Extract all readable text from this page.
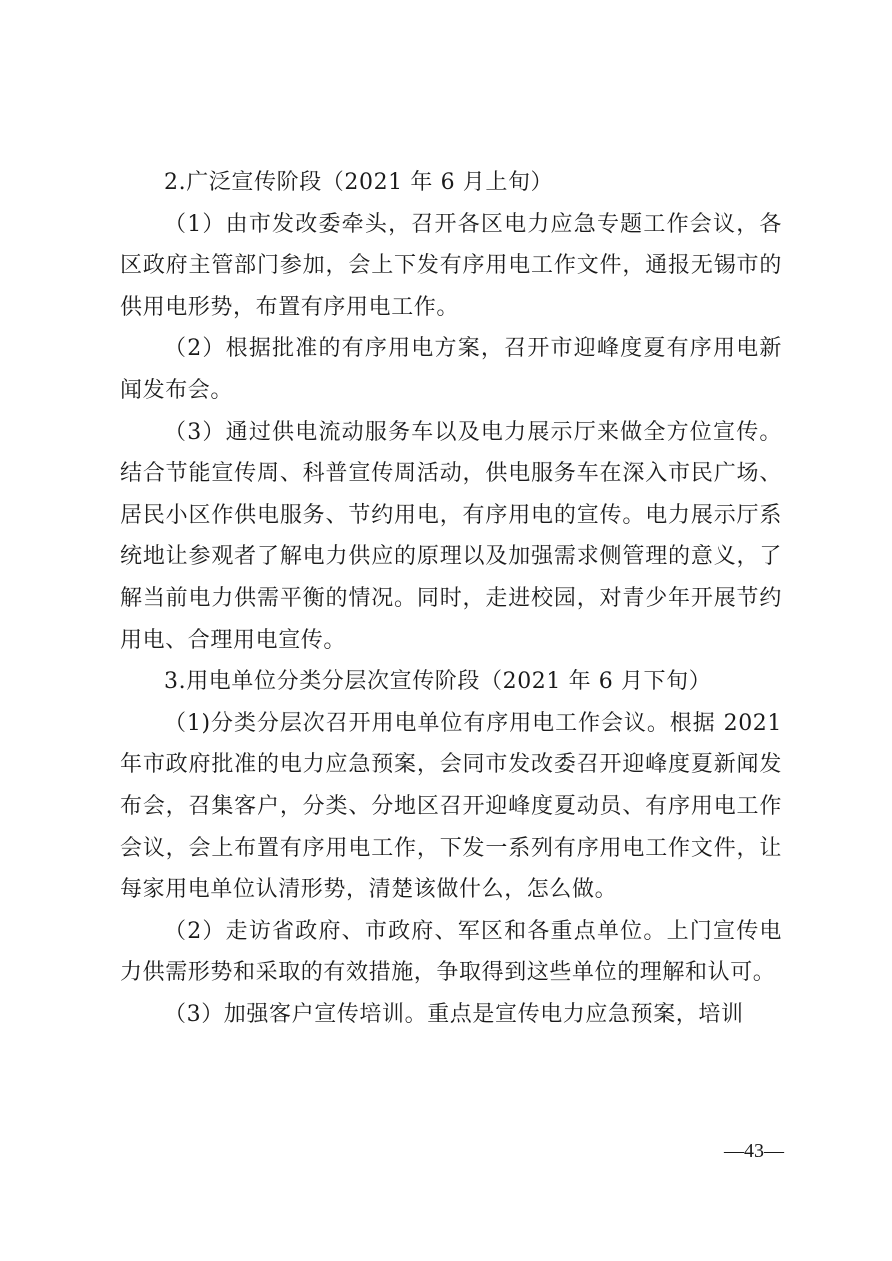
2.广泛宣传阶段（2021 年 6 月上旬）

（1）由市发改委牵头，召开各区电力应急专题工作会议，各区政府主管部门参加，会上下发有序用电工作文件，通报无锡市的供用电形势，布置有序用电工作。

（2）根据批准的有序用电方案，召开市迎峰度夏有序用电新闻发布会。

（3）通过供电流动服务车以及电力展示厅来做全方位宣传。结合节能宣传周、科普宣传周活动，供电服务车在深入市民广场、居民小区作供电服务、节约用电，有序用电的宣传。电力展示厅系统地让参观者了解电力供应的原理以及加强需求侧管理的意义，了解当前电力供需平衡的情况。同时，走进校园，对青少年开展节约用电、合理用电宣传。

3.用电单位分类分层次宣传阶段（2021 年 6 月下旬）

（1)分类分层次召开用电单位有序用电工作会议。根据 2021 年市政府批准的电力应急预案，会同市发改委召开迎峰度夏新闻发布会，召集客户，分类、分地区召开迎峰度夏动员、有序用电工作会议，会上布置有序用电工作，下发一系列有序用电工作文件，让每家用电单位认清形势，清楚该做什么，怎么做。

（2）走访省政府、市政府、军区和各重点单位。上门宣传电力供需形势和采取的有效措施，争取得到这些单位的理解和认可。

（3）加强客户宣传培训。重点是宣传电力应急预案，培训

—43—
